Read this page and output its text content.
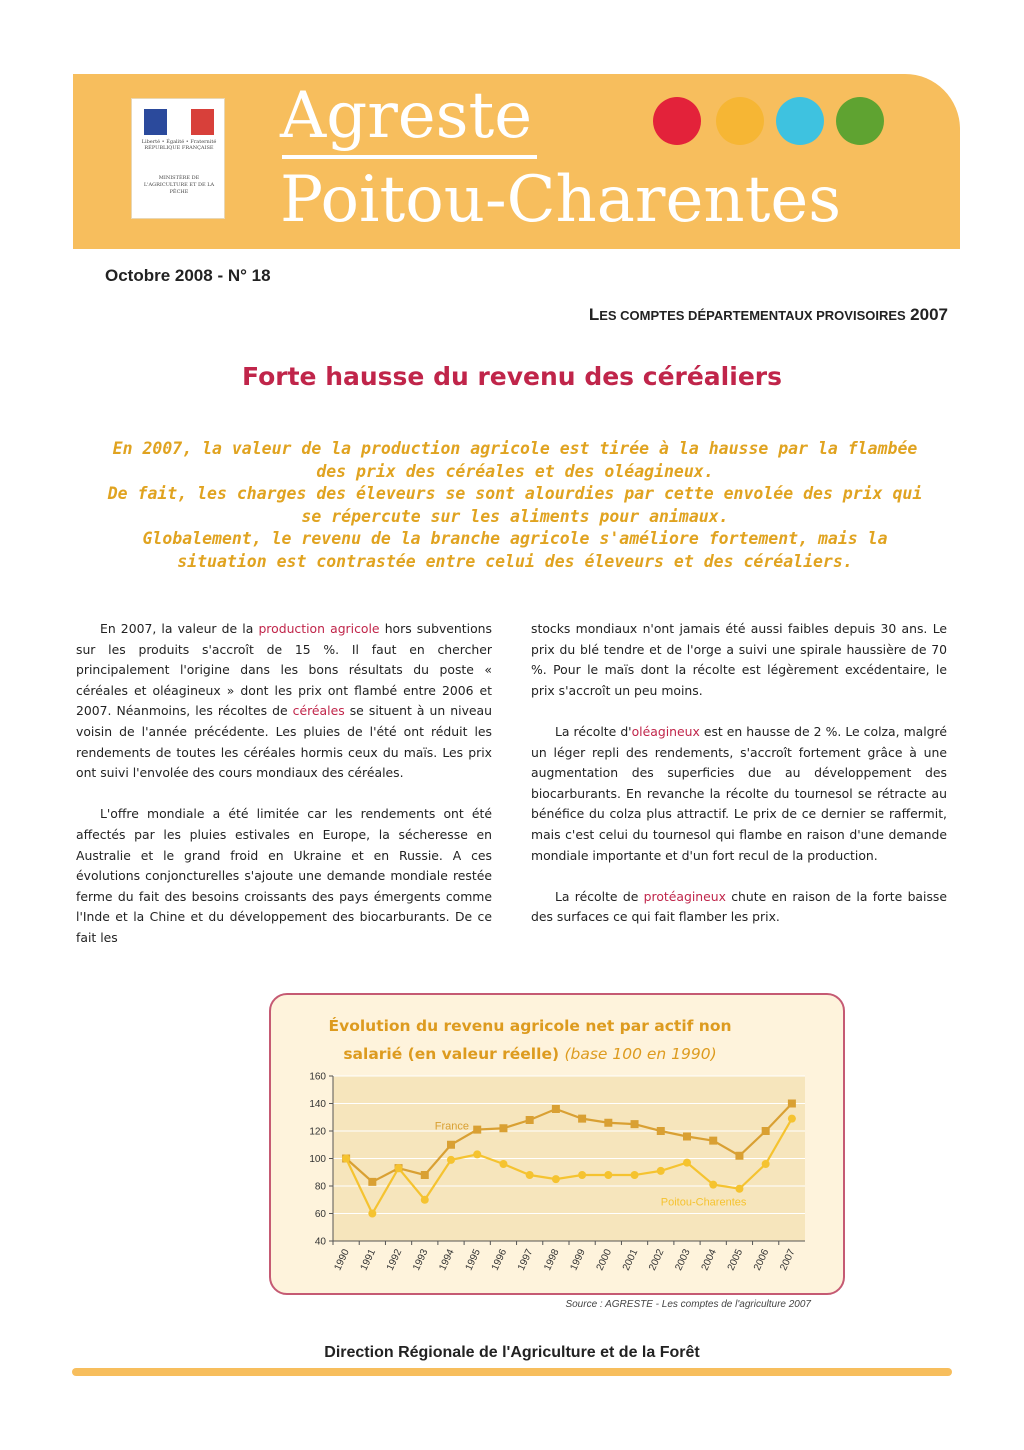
Liberté • Égalité • Fraternité RÉPUBLIQUE FRANÇAISE
MINISTÈRE DE L'AGRICULTURE ET DE LA PÊCHE
Agreste
Poitou-Charentes
Octobre 2008 - N° 18
LES COMPTES DÉPARTEMENTAUX PROVISOIRES 2007
Forte hausse du revenu des céréaliers

En 2007, la valeur de la production agricole est tirée à la hausse par la flambée des prix des céréales et des oléagineux.

De fait, les charges des éleveurs se sont alourdies par cette envolée des prix qui se répercute sur les aliments pour animaux.

Globalement, le revenu de la branche agricole s'améliore fortement, mais la situation est contrastée entre celui des éleveurs et des céréaliers.

En 2007, la valeur de la production agricole hors subventions sur les produits s'accroît de 15 %. Il faut en chercher principalement l'origine dans les bons résultats du poste « céréales et oléagineux » dont les prix ont flambé entre 2006 et 2007. Néanmoins, les récoltes de céréales se situent à un niveau voisin de l'année précédente. Les pluies de l'été ont réduit les rendements de toutes les céréales hormis ceux du maïs. Les prix ont suivi l'envolée des cours mondiaux des céréales.

L'offre mondiale a été limitée car les rendements ont été affectés par les pluies estivales en Europe, la sécheresse en Australie et le grand froid en Ukraine et en Russie. A ces évolutions conjoncturelles s'ajoute une demande mondiale restée ferme du fait des besoins croissants des pays émergents comme l'Inde et la Chine et du développement des biocarburants. De ce fait les

stocks mondiaux n'ont jamais été aussi faibles depuis 30 ans. Le prix du blé tendre et de l'orge a suivi une spirale haussière de 70 %. Pour le maïs dont la récolte est légèrement excédentaire, le prix s'accroît un peu moins.

La récolte d'oléagineux est en hausse de 2 %. Le colza, malgré un léger repli des rendements, s'accroît fortement grâce à une augmentation des superficies due au développement des biocarburants. En revanche la récolte du tournesol se rétracte au bénéfice du colza plus attractif. Le prix de ce dernier se raffermit, mais c'est celui du tournesol qui flambe en raison d'une demande mondiale importante et d'un fort recul de la production.

La récolte de protéagineux chute en raison de la forte baisse des surfaces ce qui fait flamber les prix.

Évolution du revenu agricole net par actif non
salarié (en valeur réelle) (base 100 en 1990)
40
60
80
100
120
140
160
1990 1991 1992 1993 1994 1995 1996 1997 1998 1999 2000 2001 2002 2003 2004 2005 2006 2007
France
Poitou-Charentes
Source : AGRESTE - Les comptes de l'agriculture 2007
Direction Régionale de l'Agriculture et de la Forêt
